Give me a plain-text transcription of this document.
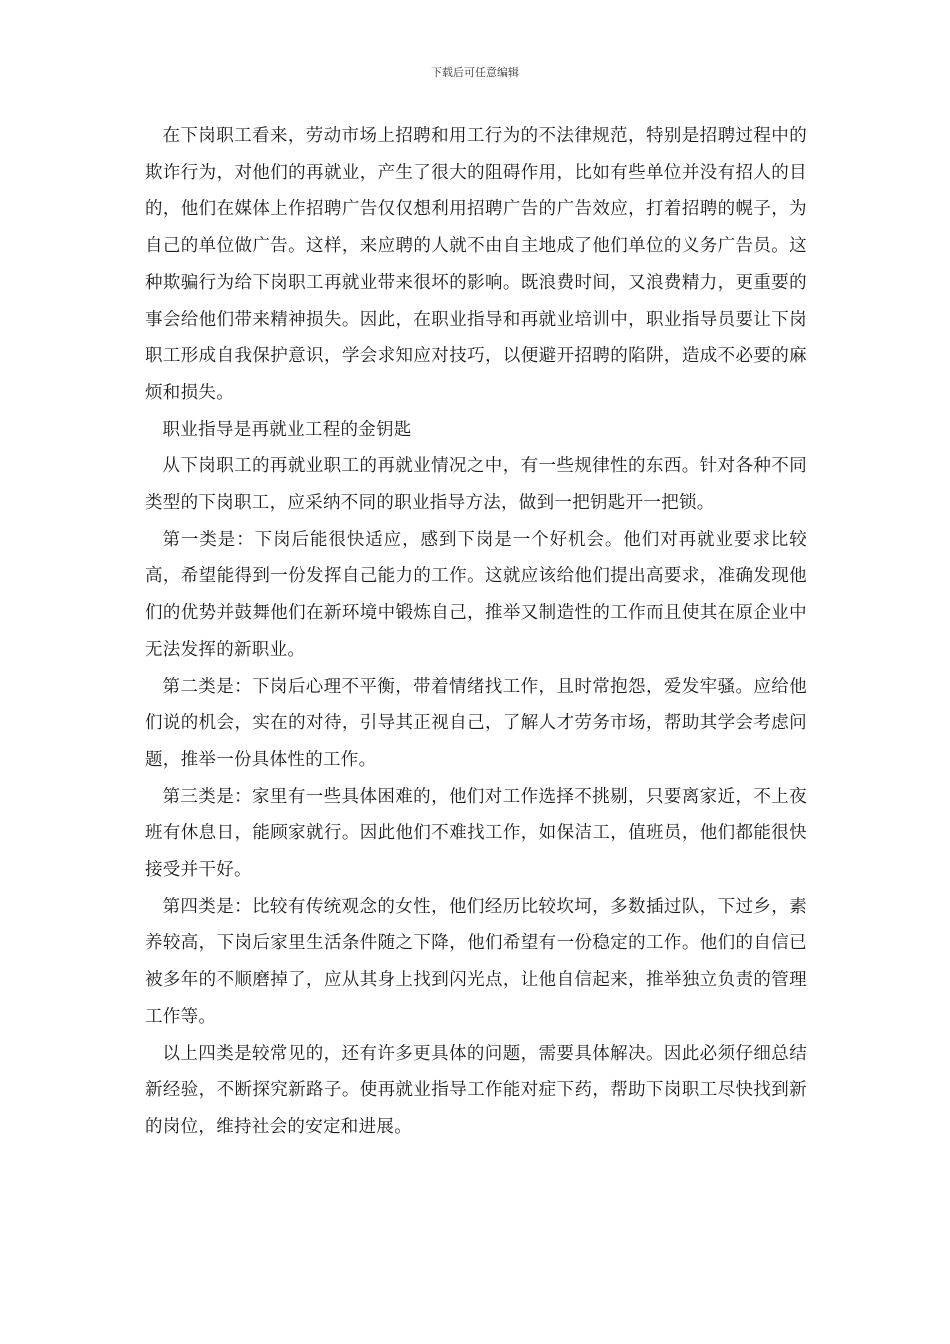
下载后可任意编辑

在下岗职工看来，劳动市场上招聘和用工行为的不法律规范，特别是招聘过程中的欺诈行为，对他们的再就业，产生了很大的阻碍作用，比如有些单位并没有招人的目的，他们在媒体上作招聘广告仅仅想利用招聘广告的广告效应，打着招聘的幌子，为自己的单位做广告。这样，来应聘的人就不由自主地成了他们单位的义务广告员。这种欺骗行为给下岗职工再就业带来很坏的影响。既浪费时间，又浪费精力，更重要的事会给他们带来精神损失。因此，在职业指导和再就业培训中，职业指导员要让下岗职工形成自我保护意识，学会求知应对技巧，以便避开招聘的陷阱，造成不必要的麻烦和损失。

职业指导是再就业工程的金钥匙

从下岗职工的再就业职工的再就业情况之中，有一些规律性的东西。针对各种不同类型的下岗职工，应采纳不同的职业指导方法，做到一把钥匙开一把锁。

第一类是：下岗后能很快适应，感到下岗是一个好机会。他们对再就业要求比较高，希望能得到一份发挥自己能力的工作。这就应该给他们提出高要求，准确发现他们的优势并鼓舞他们在新环境中锻炼自己，推举又制造性的工作而且使其在原企业中无法发挥的新职业。

第二类是：下岗后心理不平衡，带着情绪找工作，且时常抱怨，爱发牢骚。应给他们说的机会，实在的对待，引导其正视自己，了解人才劳务市场，帮助其学会考虑问题，推举一份具体性的工作。

第三类是：家里有一些具体困难的，他们对工作选择不挑剔，只要离家近，不上夜班有休息日，能顾家就行。因此他们不难找工作，如保洁工，值班员，他们都能很快接受并干好。

第四类是：比较有传统观念的女性，他们经历比较坎坷，多数插过队，下过乡，素养较高，下岗后家里生活条件随之下降，他们希望有一份稳定的工作。他们的自信已被多年的不顺磨掉了，应从其身上找到闪光点，让他自信起来，推举独立负责的管理工作等。

以上四类是较常见的，还有许多更具体的问题，需要具体解决。因此必须仔细总结新经验，不断探究新路子。使再就业指导工作能对症下药，帮助下岗职工尽快找到新的岗位，维持社会的安定和进展。
